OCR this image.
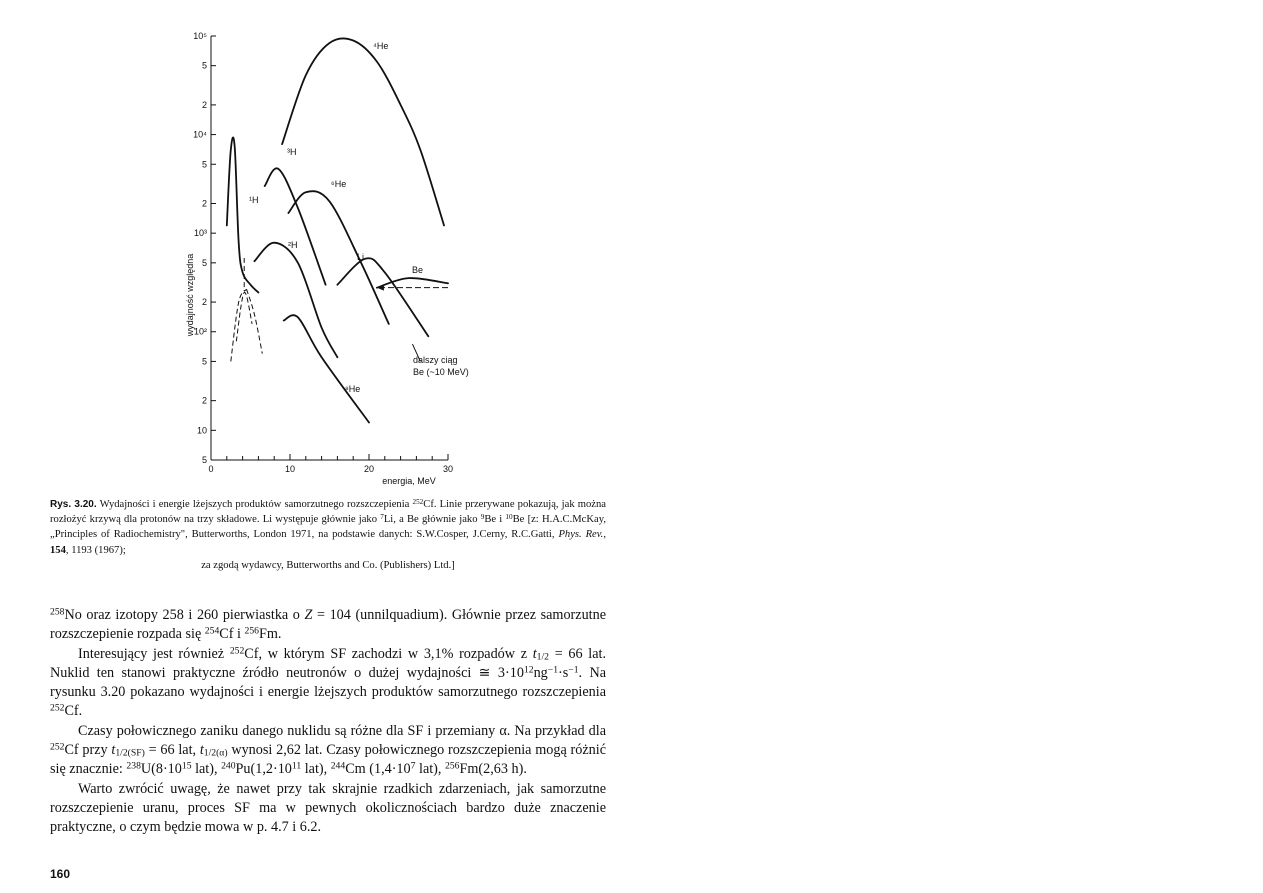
10⁵
5
2
10⁴
5
2
10³
5
2
10²
5
2
10
5
0	10	20	30
⁴He
¹H
³H
⁶He
²H
Li
Be
⁸He
dalszy ciąg
Be (~10 MeV)
energia, MeV
wydajność względna
Rys. 3.20. Wydajności i energie lżejszych produktów samorzutnego rozszczepienia $^{252}$Cf. Linie przerywane pokazują, jak można rozłożyć krzywą dla protonów na trzy składowe. Li występuje głównie jako $^7$Li, a Be głównie jako $^9$Be i $^{10}$Be [z: H.A.C.McKay, „Principles of Radiochemistry", Butterworths, London 1971, na podstawie danych: S.W.Cosper, J.Cerny, R.C.Gatti, Phys. Rev., 154, 1193 (1967);
za zgodą wydawcy, Butterworths and Co. (Publishers) Ltd.]

$^{258}$No oraz izotopy 258 i 260 pierwiastka o Z = 104 (unnilquadium). Głównie przez samorzutne rozszczepienie rozpada się $^{254}$Cf i $^{256}$Fm.

Interesujący jest również $^{252}$Cf, w którym SF zachodzi w 3,1% rozpadów z $t_{1/2} = 66$ lat. Nuklid ten stanowi praktyczne źródło neutronów o dużej wydajności ≅ $3\cdot 10^{12}ng^{-1}\cdot s^{-1}$. Na rysunku 3.20 pokazano wydajności i energie lżejszych produktów samorzutnego rozszczepienia $^{252}$Cf.

Czasy połowicznego zaniku danego nuklidu są różne dla SF i przemiany α. Na przykład dla $^{252}$Cf przy $t_{1/2(SF)} = 66$ lat, $t_{1/2(\alpha)}$ wynosi 2,62 lat. Czasy połowicznego rozszczepienia mogą różnić się znacznie: $^{238}U(8\cdot 10^{15}$ lat), $^{240}Pu(1,2\cdot 10^{11}$ lat), $^{244}$Cm ($1,4\cdot 10^7$ lat), $^{256}$Fm(2,63 h).

Warto zwrócić uwagę, że nawet przy tak skrajnie rzadkich zdarzeniach, jak samorzutne rozszczepienie uranu, proces SF ma w pewnych okolicznościach bardzo duże znaczenie praktyczne, o czym będzie mowa w p. 4.7 i 6.2.

160
